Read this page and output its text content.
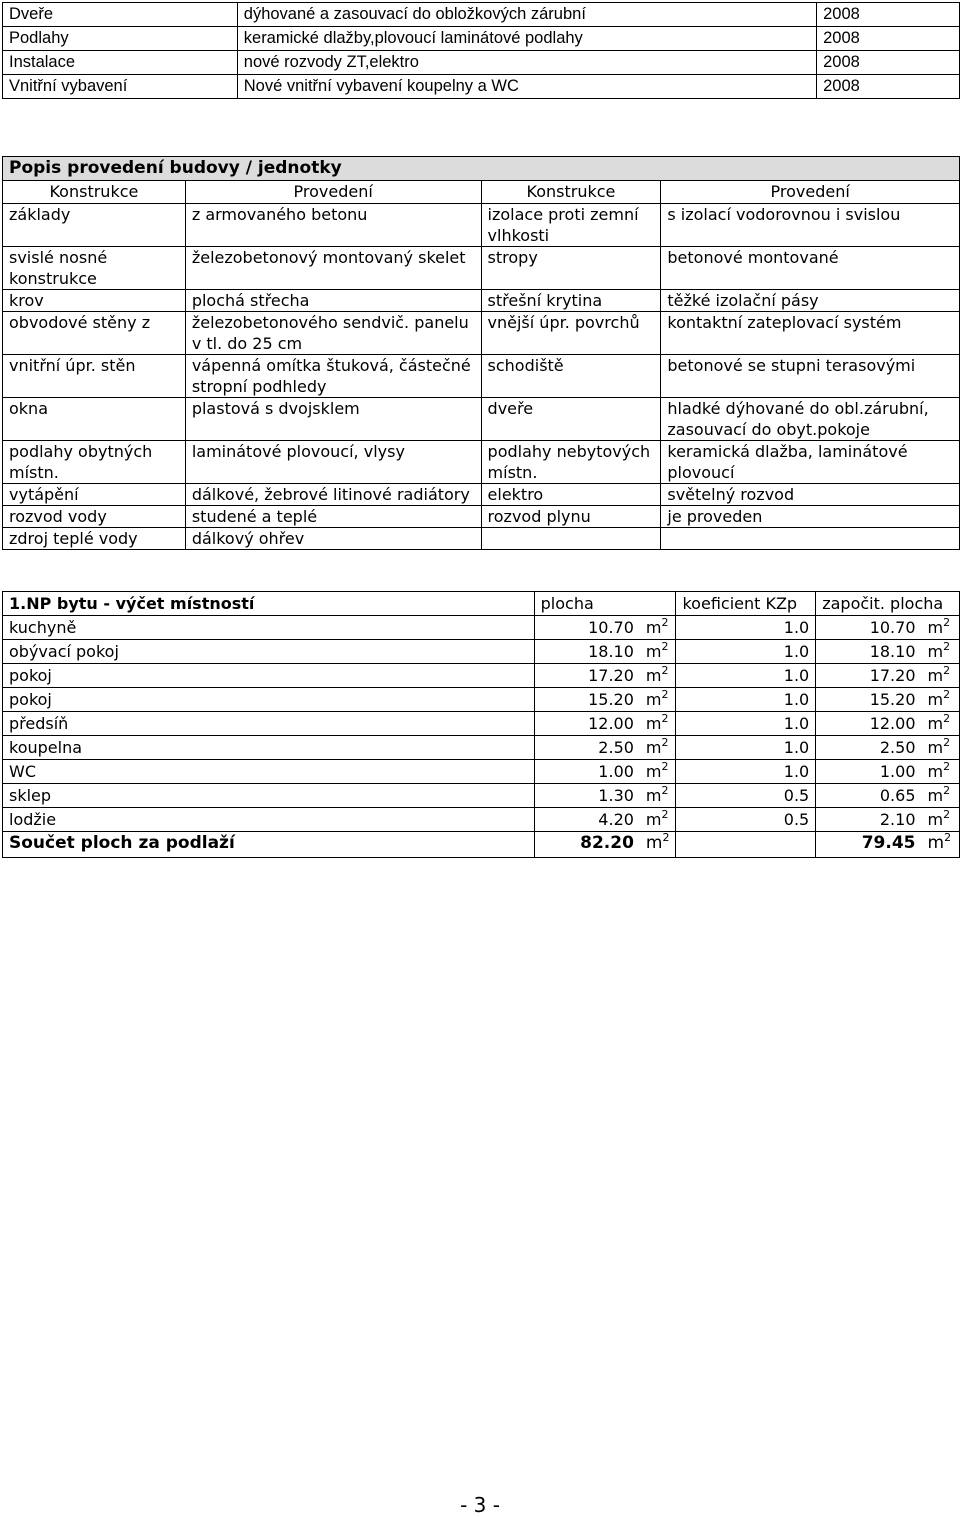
Dveře	dýhované a zasouvací do obložkových zárubní	2008
Podlahy	keramické dlažby,plovoucí laminátové podlahy	2008
Instalace	nové rozvody ZT,elektro	2008
Vnitřní vybavení	Nové vnitřní vybavení koupelny a WC	2008
Popis provedení budovy / jednotky			
Konstrukce	Provedení	Konstrukce	Provedení
základy	z armovaného betonu	izolace proti zemní vlhkosti	s izolací vodorovnou i svislou
svislé nosné konstrukce	železobetonový montovaný skelet	stropy	betonové montované
krov	plochá střecha	střešní krytina	těžké izolační pásy
obvodové stěny z	železobetonového sendvič. panelu v tl. do 25 cm	vnější úpr. povrchů	kontaktní zateplovací systém
vnitřní úpr. stěn	vápenná omítka štuková, částečné stropní podhledy	schodiště	betonové se stupni terasovými
okna	plastová s dvojsklem	dveře	hladké dýhované do obl.zárubní, zasouvací do obyt.pokoje
podlahy obytných místn.	laminátové plovoucí, vlysy	podlahy nebytových místn.	keramická dlažba, laminátové plovoucí
vytápění	dálkové, žebrové litinové radiátory	elektro	světelný rozvod
rozvod vody	studené a teplé	rozvod plynu	je proveden
zdroj teplé vody	dálkový ohřev		
1.NP bytu - výčet místností	plocha		koeficient KZp	započit. plocha	
kuchyně	10.70	$m^2$	1.0	10.70	$m^2$
obývací pokoj	18.10	$m^2$	1.0	18.10	$m^2$
pokoj	17.20	$m^2$	1.0	17.20	$m^2$
pokoj	15.20	$m^2$	1.0	15.20	$m^2$
předsíň	12.00	$m^2$	1.0	12.00	$m^2$
koupelna	2.50	$m^2$	1.0	2.50	$m^2$
WC	1.00	$m^2$	1.0	1.00	$m^2$
sklep	1.30	$m^2$	0.5	0.65	$m^2$
lodžie	4.20	$m^2$	0.5	2.10	$m^2$
Součet ploch za podlaží	82.20	$m^2$		79.45	$m^2$
- 3 -
